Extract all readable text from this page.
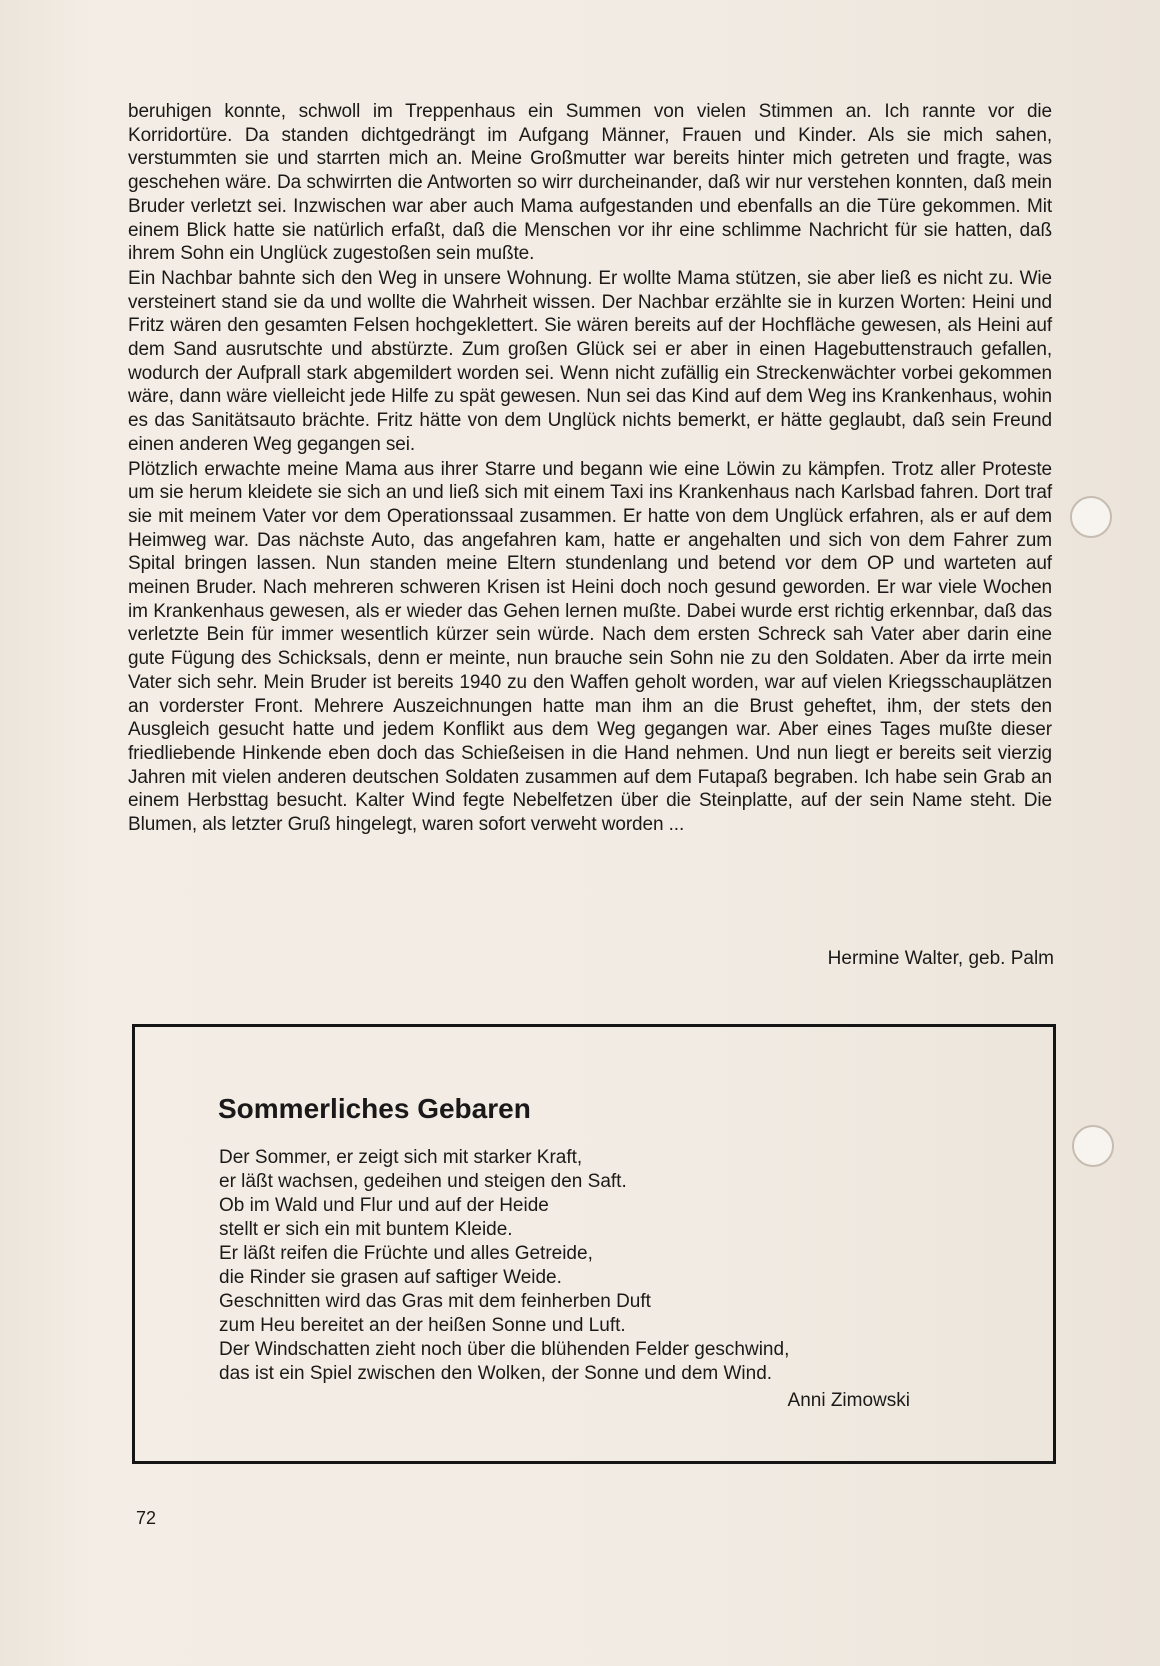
beruhigen konnte, schwoll im Treppenhaus ein Summen von vielen Stimmen an. Ich rannte vor die Korridortüre. Da standen dichtgedrängt im Aufgang Männer, Frauen und Kinder. Als sie mich sahen, verstummten sie und starrten mich an. Meine Großmutter war bereits hinter mich getreten und fragte, was geschehen wäre. Da schwirrten die Antworten so wirr durcheinander, daß wir nur verstehen konnten, daß mein Bruder verletzt sei. Inzwischen war aber auch Mama aufgestanden und ebenfalls an die Türe gekommen. Mit einem Blick hatte sie natürlich erfaßt, daß die Menschen vor ihr eine schlimme Nachricht für sie hatten, daß ihrem Sohn ein Unglück zugestoßen sein mußte.

Ein Nachbar bahnte sich den Weg in unsere Wohnung. Er wollte Mama stützen, sie aber ließ es nicht zu. Wie versteinert stand sie da und wollte die Wahrheit wissen. Der Nachbar erzählte sie in kurzen Worten: Heini und Fritz wären den gesamten Felsen hochgeklettert. Sie wären bereits auf der Hochfläche gewesen, als Heini auf dem Sand ausrutschte und abstürzte. Zum großen Glück sei er aber in einen Hagebuttenstrauch gefallen, wodurch der Aufprall stark abgemildert worden sei. Wenn nicht zufällig ein Streckenwächter vorbei gekommen wäre, dann wäre vielleicht jede Hilfe zu spät gewesen. Nun sei das Kind auf dem Weg ins Krankenhaus, wohin es das Sanitätsauto brächte. Fritz hätte von dem Unglück nichts bemerkt, er hätte geglaubt, daß sein Freund einen anderen Weg gegangen sei.

Plötzlich erwachte meine Mama aus ihrer Starre und begann wie eine Löwin zu kämpfen. Trotz aller Proteste um sie herum kleidete sie sich an und ließ sich mit einem Taxi ins Krankenhaus nach Karlsbad fahren. Dort traf sie mit meinem Vater vor dem Operationssaal zusammen. Er hatte von dem Unglück erfahren, als er auf dem Heimweg war. Das nächste Auto, das angefahren kam, hatte er angehalten und sich von dem Fahrer zum Spital bringen lassen. Nun standen meine Eltern stundenlang und betend vor dem OP und warteten auf meinen Bruder. Nach mehreren schweren Krisen ist Heini doch noch gesund geworden. Er war viele Wochen im Krankenhaus gewesen, als er wieder das Gehen lernen mußte. Dabei wurde erst richtig erkennbar, daß das verletzte Bein für immer wesentlich kürzer sein würde. Nach dem ersten Schreck sah Vater aber darin eine gute Fügung des Schicksals, denn er meinte, nun brauche sein Sohn nie zu den Soldaten. Aber da irrte mein Vater sich sehr. Mein Bruder ist bereits 1940 zu den Waffen geholt worden, war auf vielen Kriegsschauplätzen an vorderster Front. Mehrere Auszeichnungen hatte man ihm an die Brust geheftet, ihm, der stets den Ausgleich gesucht hatte und jedem Konflikt aus dem Weg gegangen war. Aber eines Tages mußte dieser friedliebende Hinkende eben doch das Schießeisen in die Hand nehmen. Und nun liegt er bereits seit vierzig Jahren mit vielen anderen deutschen Soldaten zusammen auf dem Futapaß begraben. Ich habe sein Grab an einem Herbsttag besucht. Kalter Wind fegte Nebelfetzen über die Steinplatte, auf der sein Name steht. Die Blumen, als letzter Gruß hingelegt, waren sofort verweht worden ...

Hermine Walter, geb. Palm
Sommerliches Gebaren
Der Sommer, er zeigt sich mit starker Kraft,
er läßt wachsen, gedeihen und steigen den Saft.
Ob im Wald und Flur und auf der Heide
stellt er sich ein mit buntem Kleide.
Er läßt reifen die Früchte und alles Getreide,
die Rinder sie grasen auf saftiger Weide.
Geschnitten wird das Gras mit dem feinherben Duft
zum Heu bereitet an der heißen Sonne und Luft.
Der Windschatten zieht noch über die blühenden Felder geschwind,
das ist ein Spiel zwischen den Wolken, der Sonne und dem Wind.
Anni Zimowski
72
